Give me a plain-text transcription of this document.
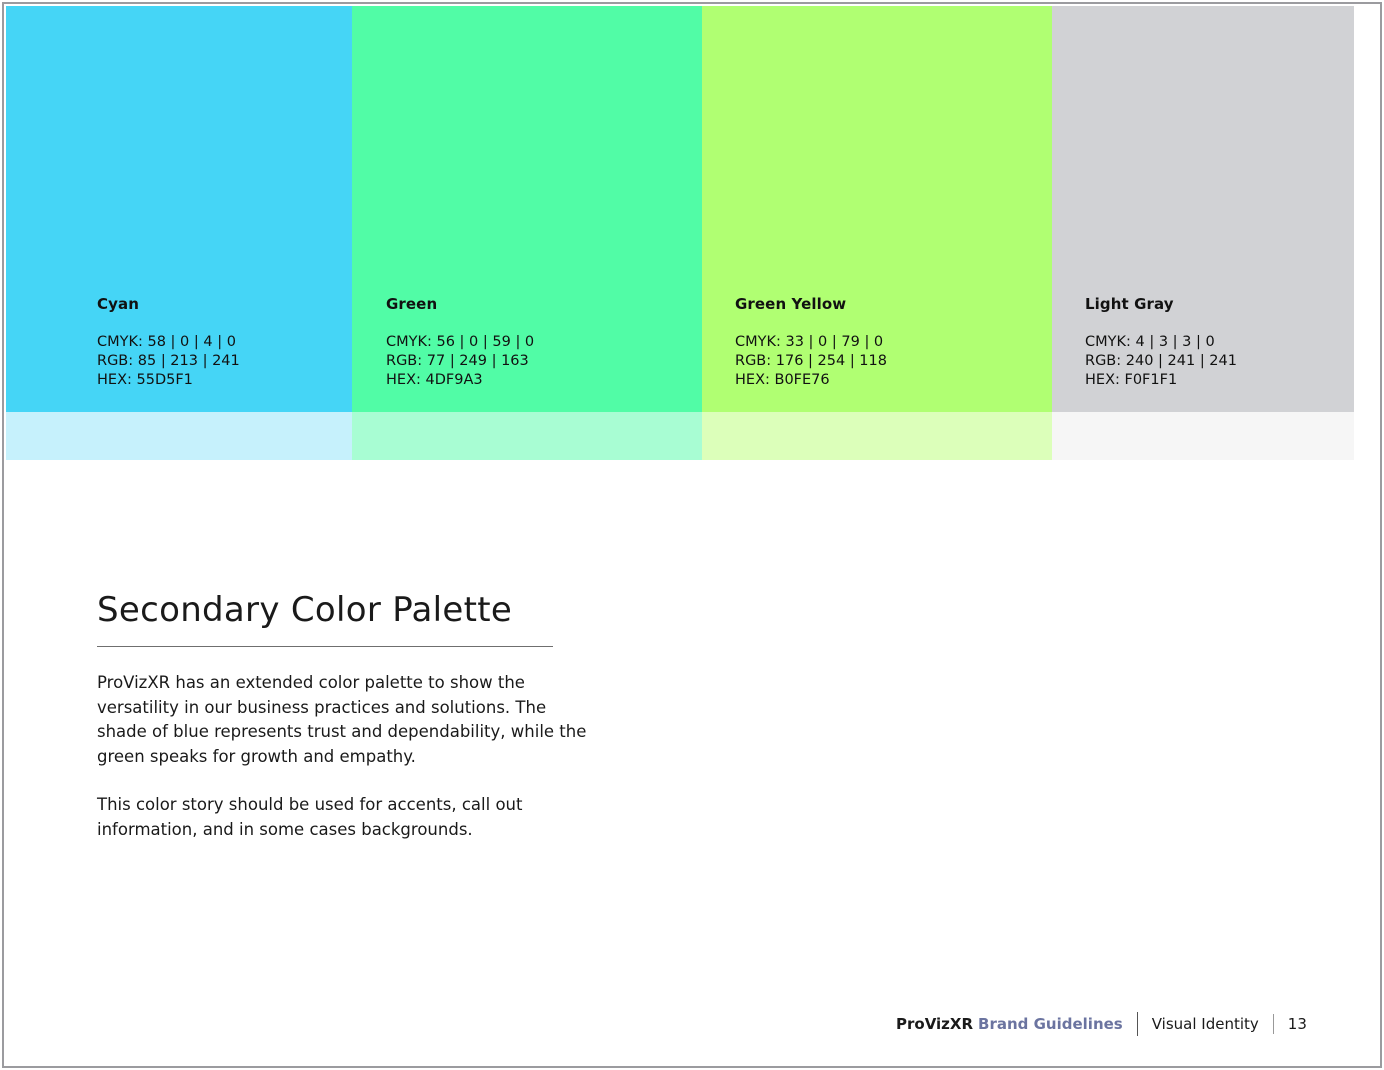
Cyan
CMYK: 58 | 0 | 4 | 0
RGB: 85 | 213 | 241
HEX: 55D5F1
Green
CMYK: 56 | 0 | 59 | 0
RGB: 77 | 249 | 163
HEX: 4DF9A3
Green Yellow
CMYK: 33 | 0 | 79 | 0
RGB: 176 | 254 | 118
HEX: B0FE76
Light Gray
CMYK: 4 | 3 | 3 | 0
RGB: 240 | 241 | 241
HEX: F0F1F1
Secondary Color Palette

ProVizXR has an extended color palette to show the versatility in our business practices and solutions. The shade of blue represents trust and dependability, while the green speaks for growth and empathy.

This color story should be used for accents, call out information, and in some cases backgrounds.

ProVizXR Brand Guidelines Visual Identity 13
